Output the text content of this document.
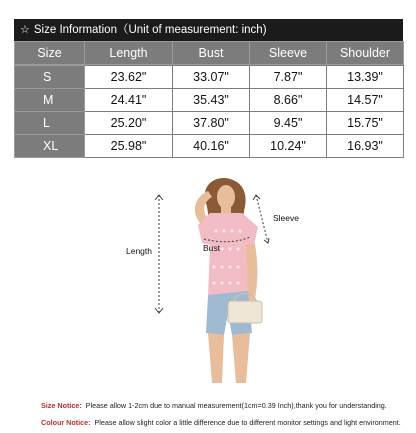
☆ Size Information（Unit of measurement: inch)
Size	Length	Bust	Sleeve	Shoulder

S	23.62"	33.07"	7.87"	13.39"
M	24.41"	35.43"	8.66"	14.57"
L	25.20"	37.80"	9.45"	15.75"
XL	25.98"	40.16"	10.24"	16.93"
Length	Bust
Sleeve
Size Notice: Please allow 1-2cm due to manual measurement(1cm=0.39 Inch),thank you for understanding.
Colour Notice: Please allow slight color a little difference due to different monitor settings and light environment.
